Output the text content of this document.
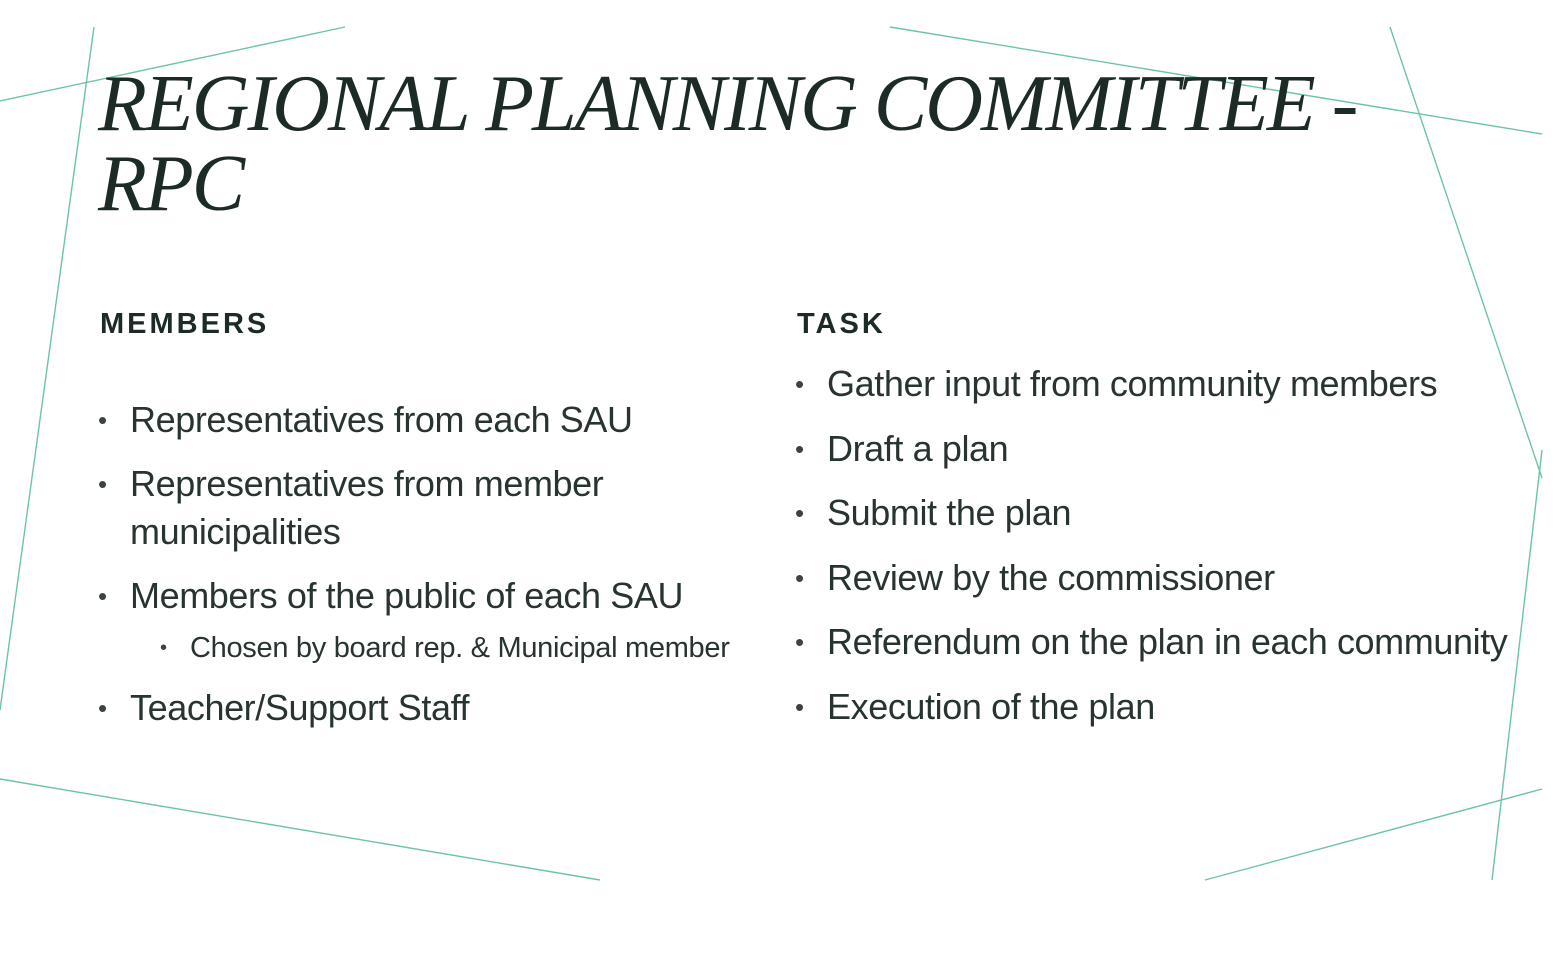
REGIONAL PLANNING COMMITTEE -
RPC
MEMBERS	TASK
• Representatives from each SAU
• Representatives from member municipalities
• Members of the public of each SAU
• Chosen by board rep. & Municipal member
• Teacher/Support Staff
• Gather input from community members
• Draft a plan
• Submit the plan
• Review by the commissioner
• Referendum on the plan in each community
• Execution of the plan
